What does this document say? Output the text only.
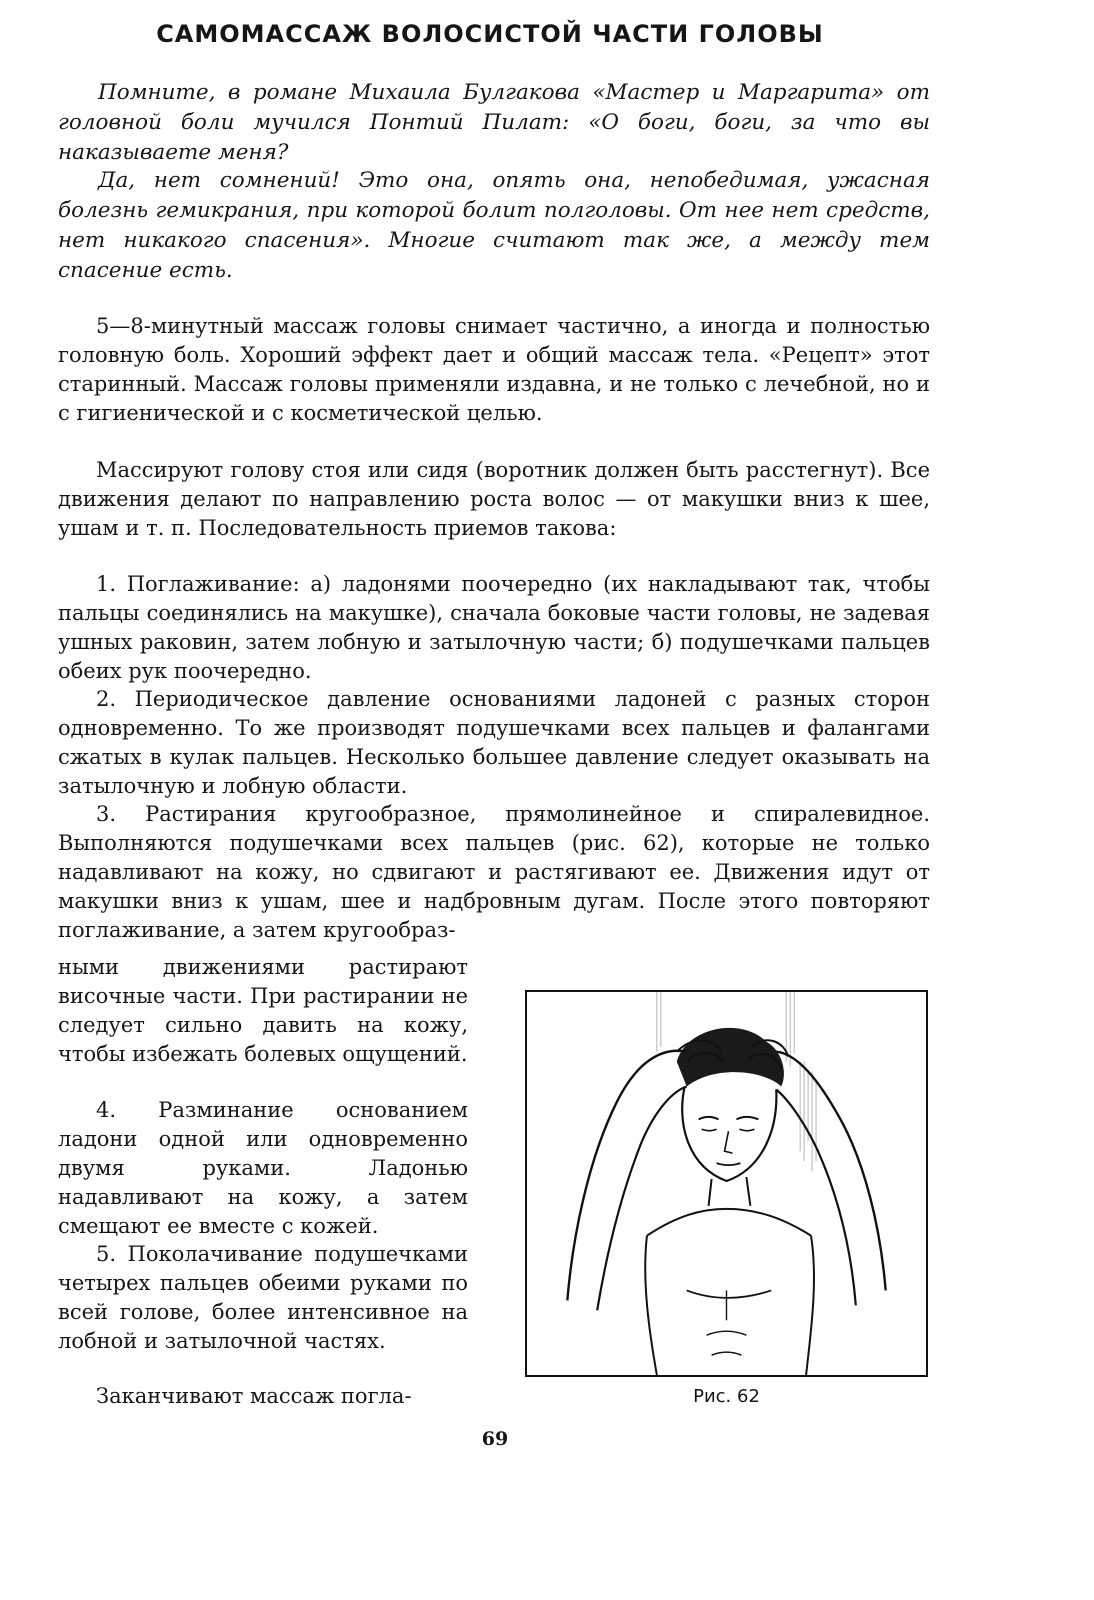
САМОМАССАЖ ВОЛОСИСТОЙ ЧАСТИ ГОЛОВЫ

Помните, в романе Михаила Булгакова «Мастер и Маргарита» от головной боли мучился Понтий Пилат: «О боги, боги, за что вы наказываете меня?

Да, нет сомнений! Это она, опять она, непобедимая, ужасная болезнь гемикрания, при которой болит полголовы. От нее нет средств, нет никакого спасения». Многие считают так же, а между тем спасение есть.

5—8-минутный массаж головы снимает частично, а иногда и полностью головную боль. Хороший эффект дает и общий массаж тела. «Рецепт» этот старинный. Массаж головы применяли издавна, и не только с лечебной, но и с гигиенической и с косметической целью.

Массируют голову стоя или сидя (воротник должен быть расстегнут). Все движения делают по направлению роста волос — от макушки вниз к шее, ушам и т. п. Последовательность приемов такова:

1. Поглаживание: а) ладонями поочередно (их накладывают так, чтобы пальцы соединялись на макушке), сначала боковые части головы, не задевая ушных раковин, затем лобную и затылочную части; б) подушечками пальцев обеих рук поочередно.

2. Периодическое давление основаниями ладоней с разных сторон одновременно. То же производят подушечками всех пальцев и фалангами сжатых в кулак пальцев. Несколько большее давление следует оказывать на затылочную и лобную области.

3. Растирания кругообразное, прямолинейное и спиралевидное. Выполняются подушечками всех пальцев (рис. 62), которые не только надавливают на кожу, но сдвигают и растягивают ее. Движения идут от макушки вниз к ушам, шее и надбровным дугам. После этого повторяют поглаживание, а затем кругообраз-

ными движениями растирают височные части. При растирании не следует сильно давить на кожу, чтобы избежать болевых ощущений.

4. Разминание основанием ладони одной или одновременно двумя руками. Ладонью надавливают на кожу, а затем смещают ее вместе с кожей.

5. Поколачивание подушечками четырех пальцев обеими руками по всей голове, более интенсивное на лобной и затылочной частях.

Заканчивают массаж погла-	Рис. 62
69
